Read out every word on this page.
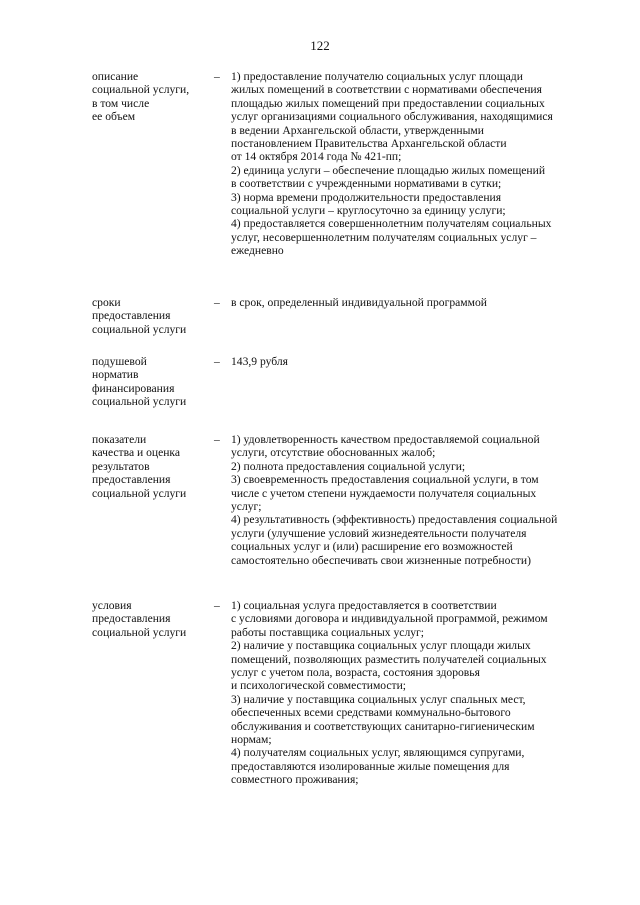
122
описание
социальной услуги,
в том числе
ее объем
– 1) предоставление получателю социальных услуг площади
жилых помещений в соответствии с нормативами обеспечения
площадью жилых помещений при предоставлении социальных
услуг организациями социального обслуживания, находящимися
в ведении Архангельской области, утвержденными
постановлением Правительства Архангельской области
от 14 октября 2014 года № 421-пп;
2) единица услуги – обеспечение площадью жилых помещений
в соответствии с учрежденными нормативами в сутки;
3) норма времени продолжительности предоставления
социальной услуги – круглосуточно за единицу услуги;
4) предоставляется совершеннолетним получателям социальных
услуг, несовершеннолетним получателям социальных услуг –
ежедневно
сроки
предоставления
социальной услуги
– в срок, определенный индивидуальной программой
подушевой
норматив
финансирования
социальной услуги
– 143,9 рубля
показатели
качества и оценка
результатов
предоставления
социальной услуги
– 1) удовлетворенность качеством предоставляемой социальной
услуги, отсутствие обоснованных жалоб;
2) полнота предоставления социальной услуги;
3) своевременность предоставления социальной услуги, в том
числе с учетом степени нуждаемости получателя социальных
услуг;
4) результативность (эффективность) предоставления социальной
услуги (улучшение условий жизнедеятельности получателя
социальных услуг и (или) расширение его возможностей
самостоятельно обеспечивать свои жизненные потребности)
условия
предоставления
социальной услуги
– 1) социальная услуга предоставляется в соответствии
с условиями договора и индивидуальной программой, режимом
работы поставщика социальных услуг;
2) наличие у поставщика социальных услуг площади жилых
помещений, позволяющих разместить получателей социальных
услуг с учетом пола, возраста, состояния здоровья
и психологической совместимости;
3) наличие у поставщика социальных услуг спальных мест,
обеспеченных всеми средствами коммунально-бытового
обслуживания и соответствующих санитарно-гигиеническим
нормам;
4) получателям социальных услуг, являющимся супругами,
предоставляются изолированные жилые помещения для
совместного проживания;
